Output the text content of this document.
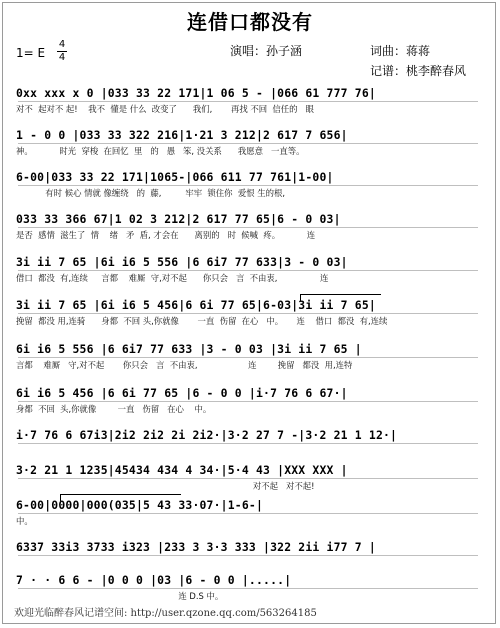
连借口都没有
1= E
4
4	演唱：孙子涵	词曲：蒋蒋
记谱：桃李醉春风
0xx xxx x 0 |033 33 22 171|1 06 5 - |066 61 777 76|
对不  起对不 起!    我不  懂是 什么  改变了      我们,       再找 不回  信任的   眼
1 - 0 0 |033 33 322 216|1·21 3 212|2 617 7 656|
神。          时光  穿梭  在回忆  里   的   愚   笨, 没关系      我愿意   一直等。
6-00|033 33 22 171|1065-|066 611 77 761|1-00|
有时 候心 情就 像缠绕   的  藤,         牢牢  锁住你  爱恨 生的根,
033 33 366 67|1 02 3 212|2 617 77 65|6 - 0 03|
是否  感情  滋生了  情    绪   矛  盾, 才会在      离别的   时  候喊  疼。          连
3i ii 7 65 |6i i6 5 556 |6 6i7 77 633|3 - 0 03|
借口  都没  有,连续     言都    难厮  守,对不起      你只会   言  不由衷,                连
3i ii 7 65 |6i i6 5 456|6 6i 77 65|6-03|3i ii 7 65|
挽留  都没 用,连骑      身都  不回 头,你就像       一直  伤留  在心   中。     连    借口  都没  有,连续
6i i6 5 556 |6 6i7 77 633 |3 - 0 03 |3i ii 7 65 |
言都    难厮   守,对不起       你只会   言  不由衷,                   连        挽留   都没  用,连特
6i i6 5 456 |6 6i 77 65 |6 - 0 0 |i·7 76 6 67·|
身都  不回  头,你就像        一直   伤留   在心    中。
i·7 76 6 67i3|2i2 2i2 2i 2i2·|3·2 27 7 -|3·2 21 1 12·|
3·2 21 1 1235|45434 434 4 34·|5·4 43 |XXX XXX |
对不起   对不起!
6-00|0000|000(035|5 43 33·07·|1-6-|
中。
6337 33i3 3733 i323 |233 3 3·3 333 |322 2ii i77 7 |
7 · · 6 6 - |0 0 0 |03 |6 - 0 0 |.....|
连 D.S 中。
欢迎光临醉春风记谱空间: http://user.qzone.qq.com/563264185
